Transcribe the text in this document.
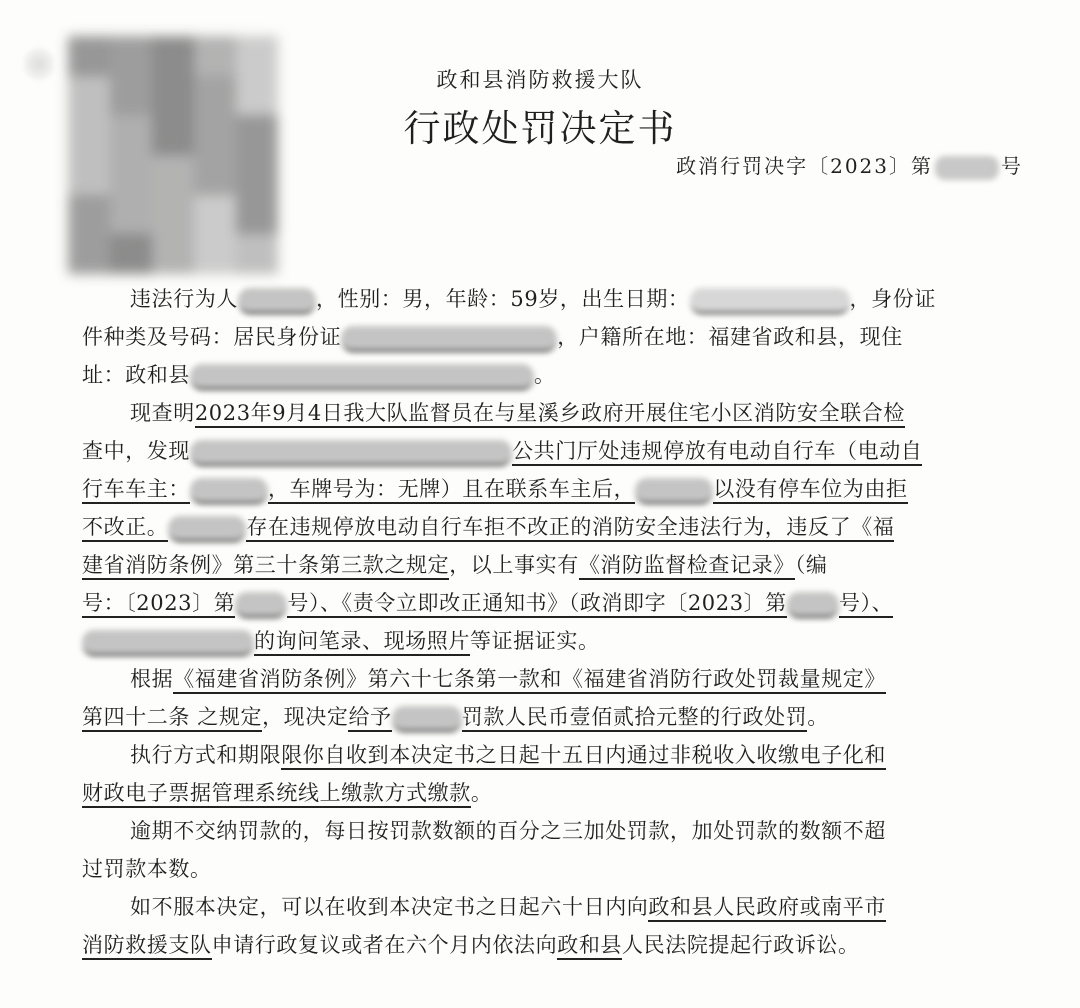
政和县消防救援大队
行政处罚决定书
政消行罚决字〔2023〕第	号
违法行为人	，性别：男，年龄：59岁，出生日期：	，身份证
件种类及号码：居民身份证	，户籍所在地：福建省政和县，现住
址：政和县	。
现查明2023年9月4日我大队监督员在与星溪乡政府开展住宅小区消防安全联合检
查中，发现	公共门厅处违规停放有电动自行车（电动自
行车车主：	，车牌号为：无牌）且在联系车主后，	以没有停车位为由拒
不改正。	存在违规停放电动自行车拒不改正的消防安全违法行为，违反了《福
建省消防条例》第三十条第三款之规定，以上事实有《消防监督检查记录》（编
号：〔2023〕第 号）、《责令立即改正通知书》（政消即字〔2023〕第 号）、
的询问笔录、现场照片等证据证实。
根据《福建省消防条例》第六十七条第一款和《福建省消防行政处罚裁量规定》
第四十二条 之规定，现决定给予	罚款人民币壹佰贰拾元整的行政处罚。
执行方式和期限限你自收到本决定书之日起十五日内通过非税收入收缴电子化和
财政电子票据管理系统线上缴款方式缴款。
逾期不交纳罚款的，每日按罚款数额的百分之三加处罚款，加处罚款的数额不超
过罚款本数。
如不服本决定，可以在收到本决定书之日起六十日内向政和县人民政府或南平市
消防救援支队申请行政复议或者在六个月内依法向政和县人民法院提起行政诉讼。
